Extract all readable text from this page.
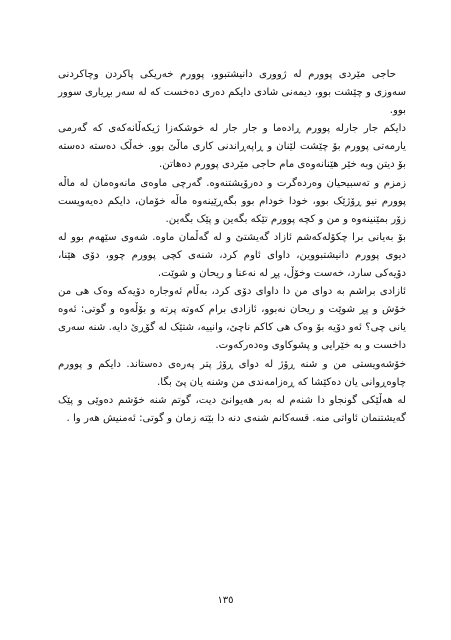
حاجی مێردی پوورم لە ژووری دانیشتبوو، پوورم خەریکی پاکردن وچاکردنی سەوزی و چێشت بوو، دیمەنی شادی دایکم دەری دەخست کە لە سەر بڕیاری سوور بوو.

دایکم جار جارلە پوورم ڕادەما و جار جار لە خوشکەزا ژیکەڵانەکەی کە گەرمی یارمەتی پوورم بۆ چێشت لێنان و ڕاپەڕاندنی کاری ماڵێ بوو. خەڵک دەستە دەستە بۆ دیتن وبە خێر هێنانەوەی مام حاجی مێردی پوورم دەهاتن.

زمزم و تەسبیحیان وەردەگرت و دەرۆیشتنەوە. گەرچی ماوەی مانەوەمان لە ماڵە پوورم نیو ڕۆژێک بوو، خودا خودام بوو بگەڕێینەوە ماڵە خۆمان، دایکم دەیەویست زۆر بمێنینەوە و من و کچە پوورم تێکە بگەین و پێک بگەین.

بۆ بەیانی برا چکۆلەکەشم ئازاد گەیشتێ و لە گەڵمان ماوە. شەوی سێهەم بوو لە دیوی پوورم دانیشتبووین، داوای ئاوم کرد، شنەی کچی پوورم چوو، دۆی هێنا، دۆیەکی سارد، خەست وخۆڵ، پڕ لە نەعنا و ریحان و شوێت.

ئازادی براشم بە دوای من دا داوای دۆی کرد، بەڵام ئەوجارە دۆیەکە وەک هی من خۆش و پڕ شوێت و ریحان نەبوو، ئازادی برام کەوتە پرتە و بۆڵەوە و گوتی: ئەوە یانی چی؟ ئەو دۆیە بۆ وەک هی کاکم ناچێ، وانییە، شتێک لە گۆڕێ دایە. شنە سەری داخست و بە خێرایی و پشوکاوی وەدەرکەوت.

خۆشەویستی من و شنە ڕۆژ لە دوای ڕۆژ پتر پەرەی دەستاند. دایکم و پوورم چاوەڕوانی یان دەکێشا کە ڕەزامەندی من وشنە یان پێ بگا.

لە هەڵێکی گونجاو دا شنەم لە بەر هەیوانێ دیت، گوتم شنە خۆشم دەوێی و پێک گەیشتنمان ئاواتی منە. قسەکانم شنەی دنە دا بێتە زمان و گوتی: ئەمنیش هەر وا .

١٣٥
